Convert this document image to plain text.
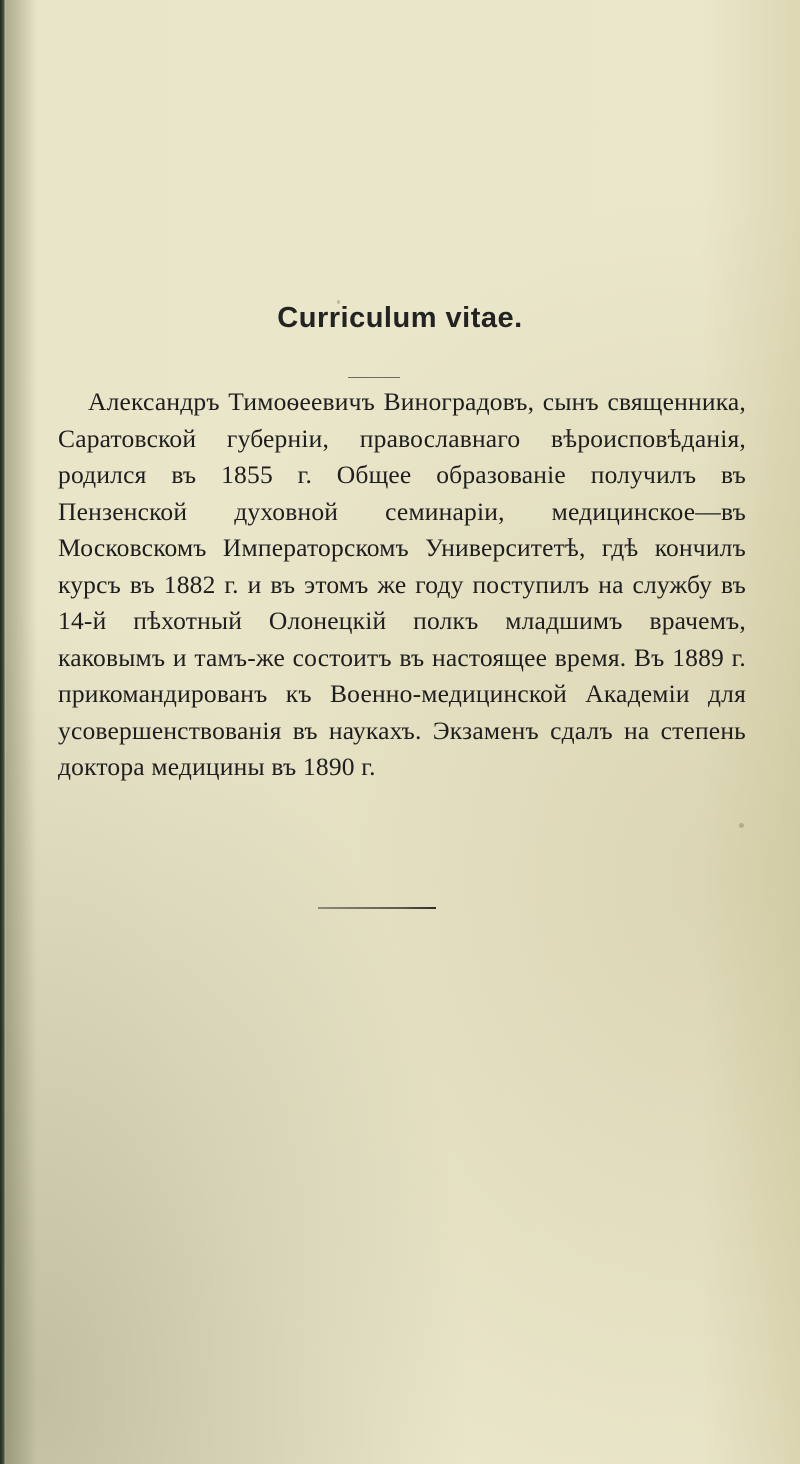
Curriculum vitae.

Александръ Тимоѳеевичъ Виноградовъ, сынъ священника, Саратовской губерніи, православнаго вѣроисповѣданія, родился въ 1855 г. Общее образованіе получилъ въ Пензенской духовной семинаріи, медицинское—въ Московскомъ Императорскомъ Университетѣ, гдѣ кончилъ курсъ въ 1882 г. и въ этомъ же году поступилъ на службу въ 14-й пѣхотный Олонецкій полкъ младшимъ врачемъ, каковымъ и тамъ-же состоитъ въ настоящее время. Въ 1889 г. прикомандированъ къ Военно-медицинской Академіи для усовершенствованія въ наукахъ. Экзаменъ сдалъ на степень доктора медицины въ 1890 г.
